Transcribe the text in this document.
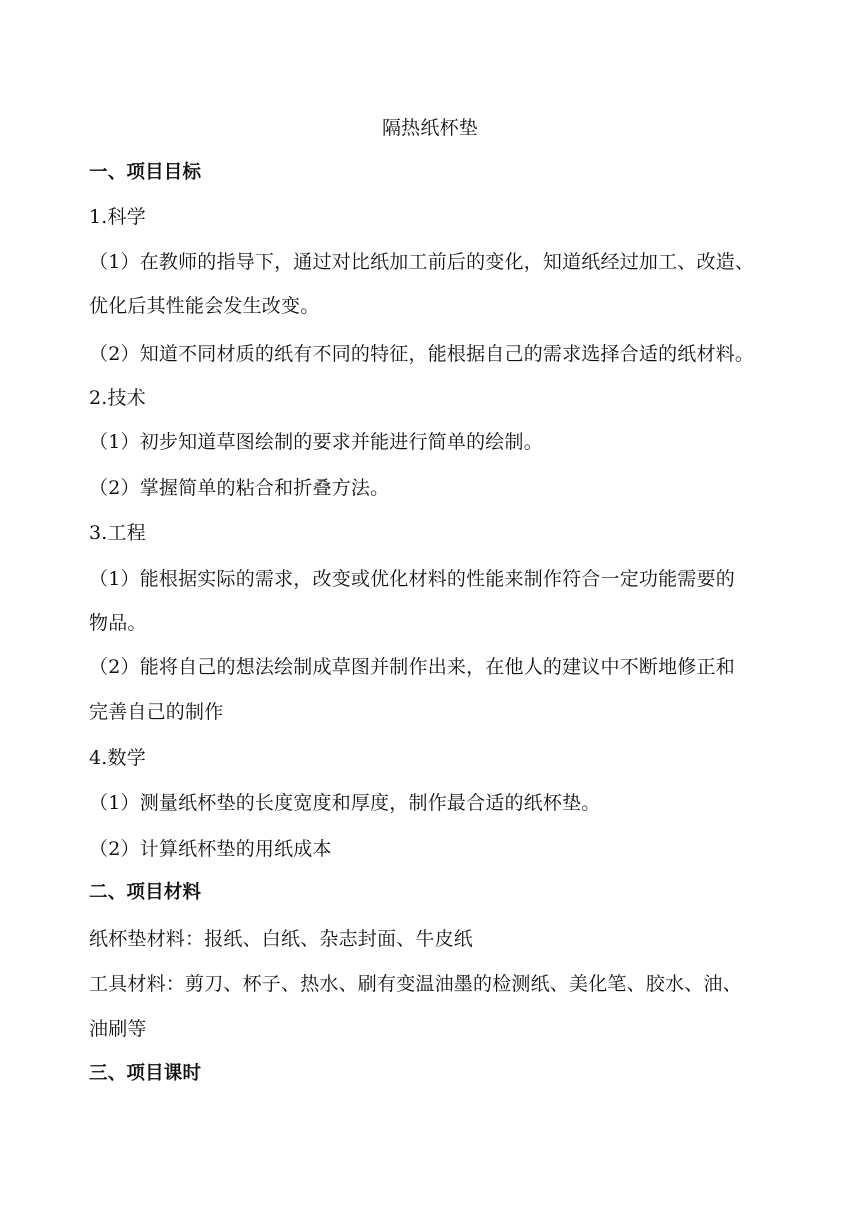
隔热纸杯垫
一、项目目标
1.科学
（1）在教师的指导下，通过对比纸加工前后的变化，知道纸经过加工、改造、
优化后其性能会发生改变。
（2）知道不同材质的纸有不同的特征，能根据自己的需求选择合适的纸材料。
2.技术
（1）初步知道草图绘制的要求并能进行简单的绘制。
（2）掌握简单的粘合和折叠方法。
3.工程
（1）能根据实际的需求，改变或优化材料的性能来制作符合一定功能需要的
物品。
（2）能将自己的想法绘制成草图并制作出来，在他人的建议中不断地修正和
完善自己的制作
4.数学
（1）测量纸杯垫的长度宽度和厚度，制作最合适的纸杯垫。
（2）计算纸杯垫的用纸成本
二、项目材料
纸杯垫材料：报纸、白纸、杂志封面、牛皮纸
工具材料：剪刀、杯子、热水、刷有变温油墨的检测纸、美化笔、胶水、油、
油刷等
三、项目课时
